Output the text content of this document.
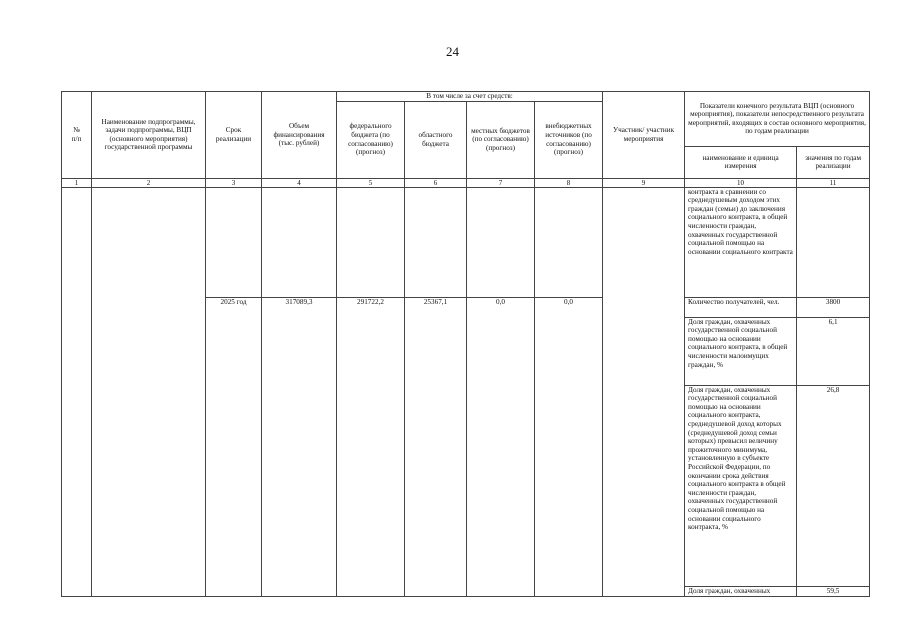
24
№
п/п	Наименование подпрограммы, задачи подпрограммы, ВЦП (основного мероприятия) государственной программы	Срок реализации	Объем финансирования (тыс. рублей)	В том числе за счет средств:				Участник/ участник мероприятия	Показатели конечного результата ВЦП (основного мероприятия), показатели непосредственного результата мероприятий, входящих в состав основного мероприятия, по годам реализации	
				федерального бюджета (по согласованию) (прогноз)	областного бюджета	местных бюджетов (по согласованию) (прогноз)	внебюджетных источников (по согласованию) (прогноз)			
									наименование и единица измерения	значения по годам реализации
1	2	3	4	5	6	7	8	9	10	11
									контракта в сравнении со среднедушевым доходом этих граждан (семьи) до заключения социального контракта, в общей численности граждан, охваченных государственной социальной помощью на основании социального контракта	
		2025 год	317089,3	291722,2	25367,1	0,0	0,0		Количество получателей, чел.	3800
									Доля граждан, охваченных государственной социальной помощью на основании социального контракта, в общей численности малоимущих граждан, %	6,1
									Доля граждан, охваченных государственной социальной помощью на основании социального контракта, среднедушевой доход которых (среднедушевой доход семьи которых) превысил величину прожиточного минимума, установленную в субъекте Российской Федерации, по окончании срока действия социального контракта в общей численности граждан, охваченных государственной социальной помощью на основании социального контракта, %	26,8
									Доля граждан, охваченных	59,5
